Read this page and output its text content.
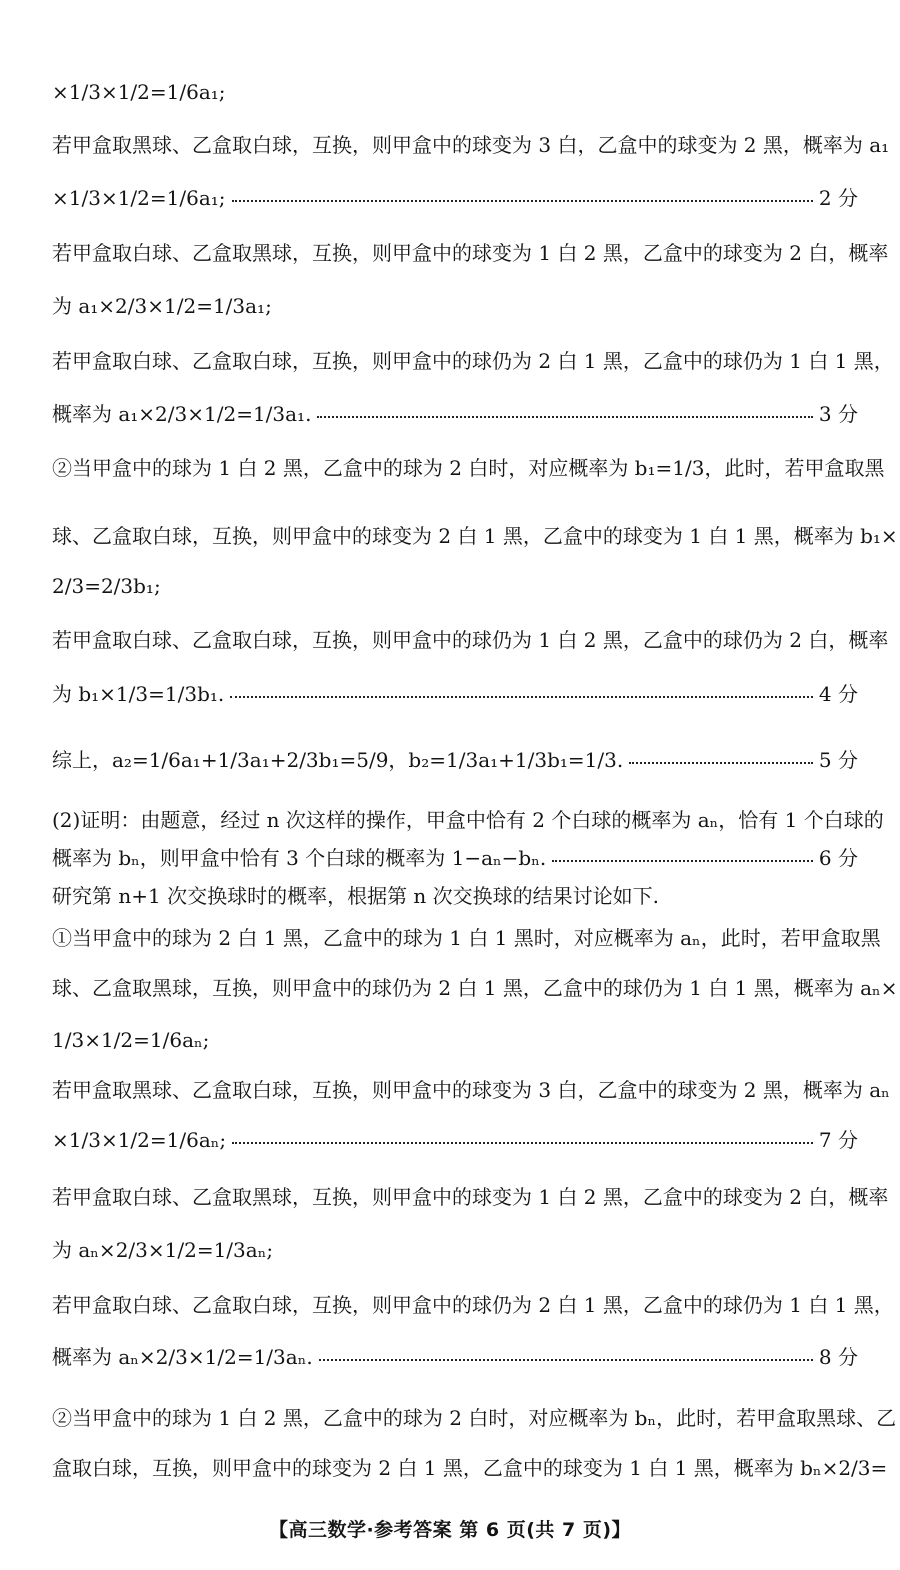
×1/3×1/2=1/6a₁;
若甲盒取黑球、乙盒取白球，互换，则甲盒中的球变为 3 白，乙盒中的球变为 2 黑，概率为 a₁
×1/3×1/2=1/6a₁;	2 分
若甲盒取白球、乙盒取黑球，互换，则甲盒中的球变为 1 白 2 黑，乙盒中的球变为 2 白，概率
为 a₁×2/3×1/2=1/3a₁;
若甲盒取白球、乙盒取白球，互换，则甲盒中的球仍为 2 白 1 黑，乙盒中的球仍为 1 白 1 黑，
概率为 a₁×2/3×1/2=1/3a₁.	3 分
②当甲盒中的球为 1 白 2 黑，乙盒中的球为 2 白时，对应概率为 b₁=1/3，此时，若甲盒取黑
球、乙盒取白球，互换，则甲盒中的球变为 2 白 1 黑，乙盒中的球变为 1 白 1 黑，概率为 b₁×
2/3=2/3b₁;
若甲盒取白球、乙盒取白球，互换，则甲盒中的球仍为 1 白 2 黑，乙盒中的球仍为 2 白，概率
为 b₁×1/3=1/3b₁.	4 分
综上，a₂=1/6a₁+1/3a₁+2/3b₁=5/9，b₂=1/3a₁+1/3b₁=1/3.	5 分
(2)证明：由题意，经过 n 次这样的操作，甲盒中恰有 2 个白球的概率为 aₙ，恰有 1 个白球的
概率为 bₙ，则甲盒中恰有 3 个白球的概率为 1−aₙ−bₙ.	6 分
研究第 n+1 次交换球时的概率，根据第 n 次交换球的结果讨论如下.
①当甲盒中的球为 2 白 1 黑，乙盒中的球为 1 白 1 黑时，对应概率为 aₙ，此时，若甲盒取黑
球、乙盒取黑球，互换，则甲盒中的球仍为 2 白 1 黑，乙盒中的球仍为 1 白 1 黑，概率为 aₙ×
1/3×1/2=1/6aₙ;
若甲盒取黑球、乙盒取白球，互换，则甲盒中的球变为 3 白，乙盒中的球变为 2 黑，概率为 aₙ
×1/3×1/2=1/6aₙ;	7 分
若甲盒取白球、乙盒取黑球，互换，则甲盒中的球变为 1 白 2 黑，乙盒中的球变为 2 白，概率
为 aₙ×2/3×1/2=1/3aₙ;
若甲盒取白球、乙盒取白球，互换，则甲盒中的球仍为 2 白 1 黑，乙盒中的球仍为 1 白 1 黑，
概率为 aₙ×2/3×1/2=1/3aₙ.	8 分
②当甲盒中的球为 1 白 2 黑，乙盒中的球为 2 白时，对应概率为 bₙ，此时，若甲盒取黑球、乙
盒取白球，互换，则甲盒中的球变为 2 白 1 黑，乙盒中的球变为 1 白 1 黑，概率为 bₙ×2/3=
【高三数学·参考答案 第 6 页(共 7 页)】
